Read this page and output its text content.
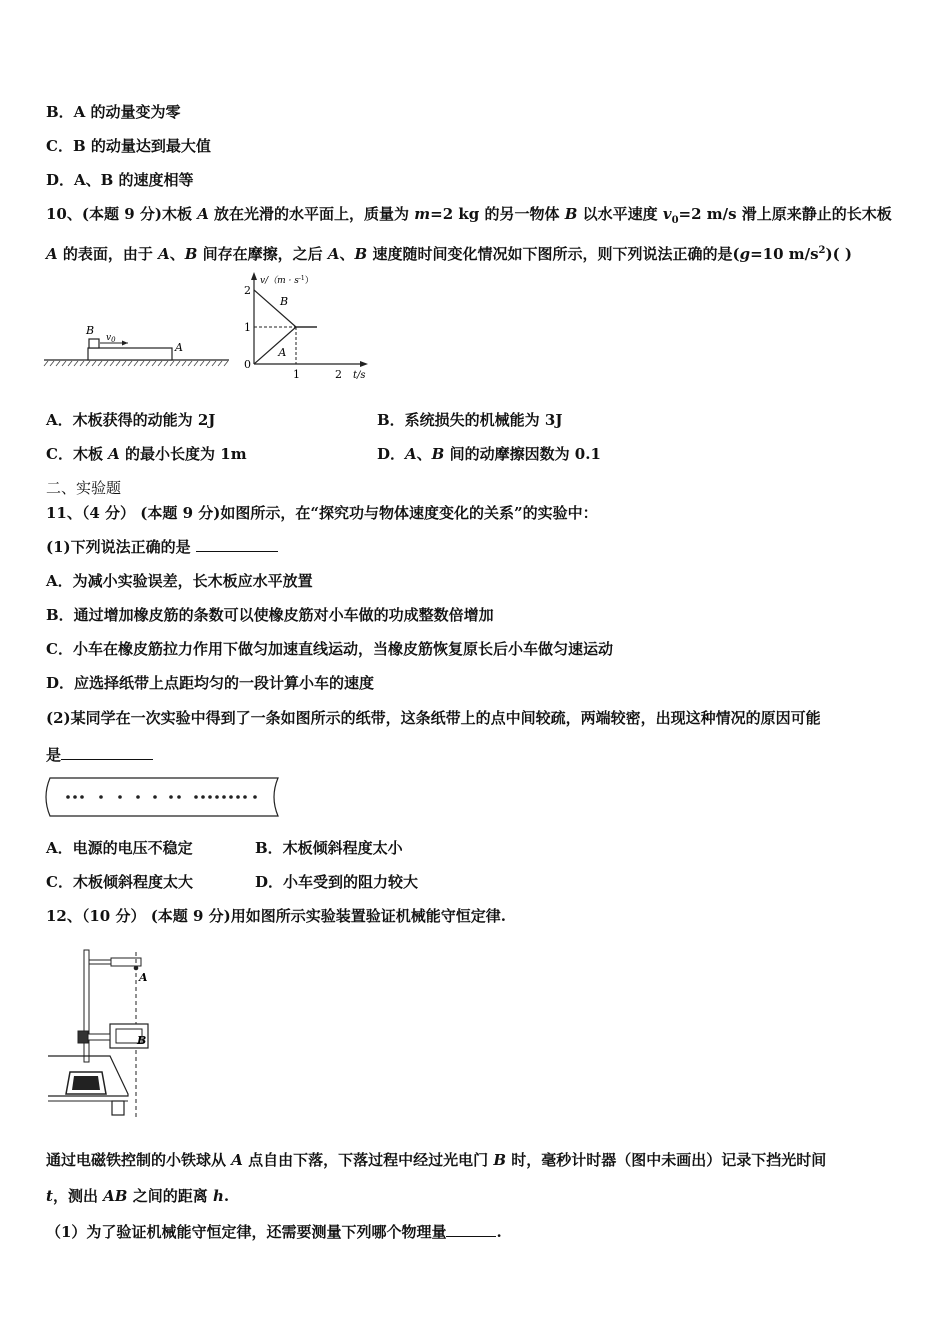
B．A 的动量变为零
C．B 的动量达到最大值
D．A、B 的速度相等
10、(本题 9 分)木板 A 放在光滑的水平面上，质量为 m=2 kg 的另一物体 B 以水平速度 $v_0=2$ m/s 滑上原来静止的长木板
A 的表面，由于 A、B 间存在摩擦，之后 A、B 速度随时间变化情况如下图所示，则下列说法正确的是(g=10 $m/s^2$)( )
B
$v_0$
A
$v/(m \cdot s^{-1})$
t/s
2
1
0
1	2
B
A
A．木板获得的动能为 2J	B．系统损失的机械能为 3J
C．木板 A 的最小长度为 1m	D．A、B 间的动摩擦因数为 0.1
二、实验题
11、（4 分） (本题 9 分)如图所示，在“探究功与物体速度变化的关系”的实验中：
(1)下列说法正确的是
A．为减小实验误差，长木板应水平放置
B．通过增加橡皮筋的条数可以使橡皮筋对小车做的功成整数倍增加
C．小车在橡皮筋拉力作用下做匀加速直线运动，当橡皮筋恢复原长后小车做匀速运动
D．应选择纸带上点距均匀的一段计算小车的速度
(2)某同学在一次实验中得到了一条如图所示的纸带，这条纸带上的点中间较疏，两端较密，出现这种情况的原因可能
是
A．电源的电压不稳定	B．木板倾斜程度太小
C．木板倾斜程度太大	D．小车受到的阻力较大
12、（10 分） (本题 9 分)用如图所示实验装置验证机械能守恒定律.
A
B
通过电磁铁控制的小铁球从 A 点自由下落，下落过程中经过光电门 B 时，毫秒计时器（图中未画出）记录下挡光时间
t，测出 AB 之间的距离 h.
（1）为了验证机械能守恒定律，还需要测量下列哪个物理量	.
